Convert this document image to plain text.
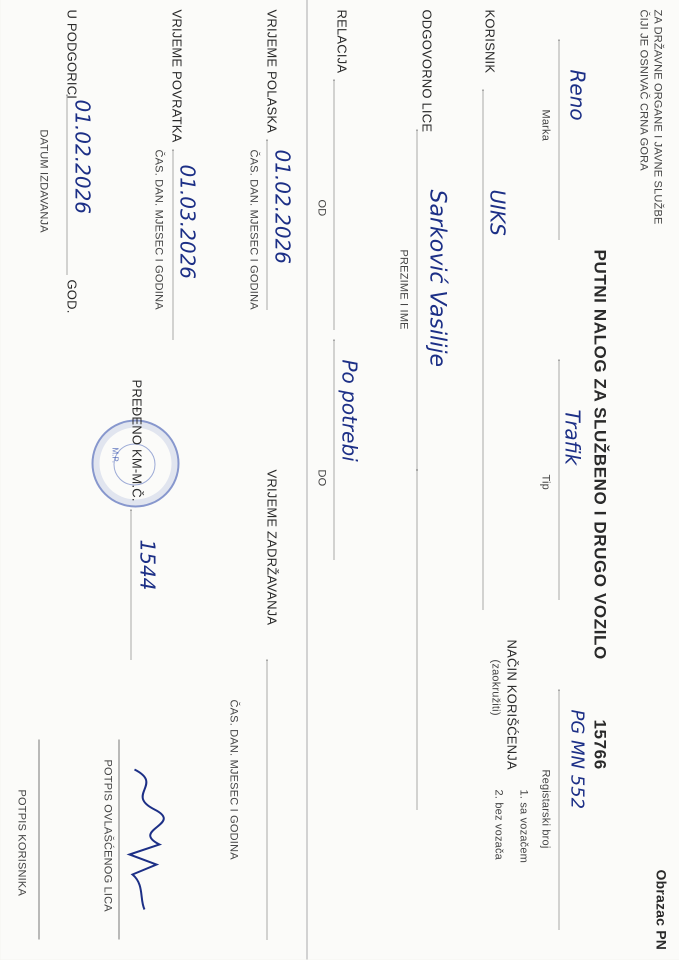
ZA DRŽAVNE ORGANE I JAVNE SLUŽBE
ČIJI JE OSNIVAČ CRNA GORA
PUTNI NALOG ZA SLUŽBENO I DRUGO VOZILO
15766
Obrazac PN
Reno
Marka
Trafik
Tip
PG MN 552
Registarski broj
KORISNIK
UIKS
NAČIN KORIŠĆENJA
(zaokružiti)
1. sa vozačem
2. bez vozača
ODGOVORNO LICE
Sarković Vasilije
PREZIME I IME
RELACIJA
OD
Po potrebi
DO
M.P.
VRIJEME POLASKA
01.02.2026
ČAS. DAN. MJESEC I GODINA
VRIJEME ZADRŽAVANJA
ČAS. DAN. MJESEC I GODINA
VRIJEME POVRATKA
01.03.2026
ČAS. DAN. MJESEC I GODINA
PREĐENO KM-M.Č.
1544
U PODGORICI
01.02.2026
GOD.
DATUM IZDAVANJA
POTPIS OVLAŠĆENOG LICA
POTPIS KORISNIKA
